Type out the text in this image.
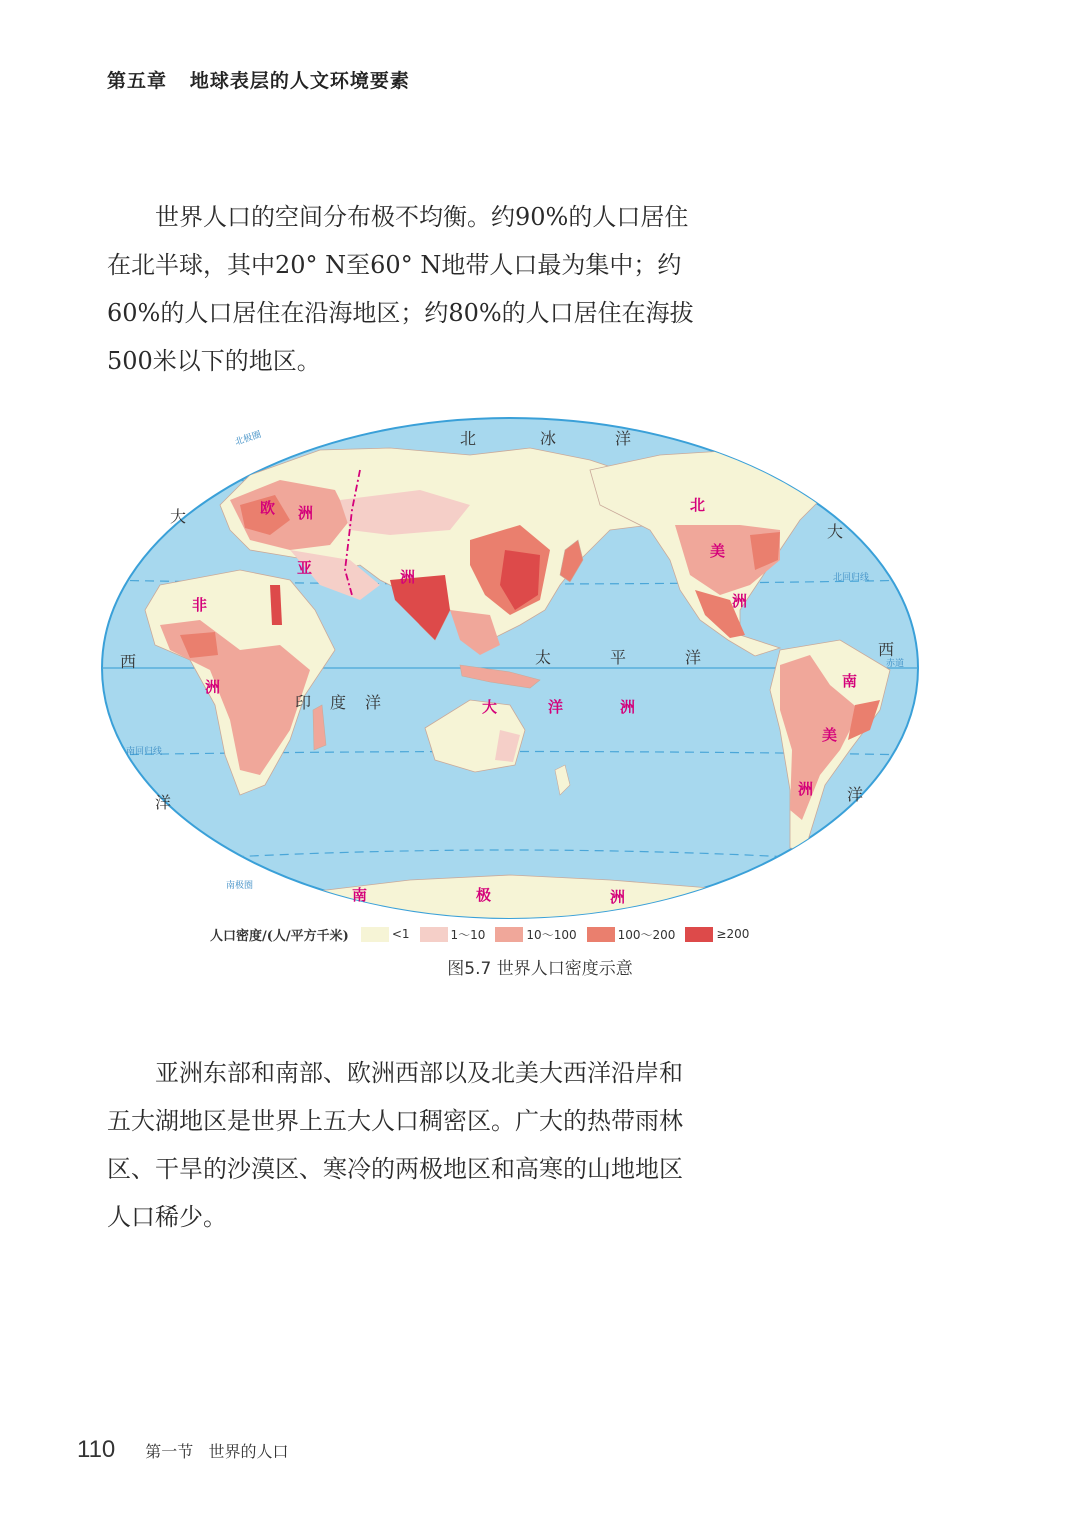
第五章 地球表层的人文环境要素

世界人口的空间分布极不均衡。约90%的人口居住在北半球，其中20° N至60° N地带人口最为集中；约60%的人口居住在沿海地区；约80%的人口居住在海拔500米以下的地区。

北	冰	洋
太	平	洋
印 度 洋
大
西
洋
大
西
洋
欧 洲
亚	洲
非
洲
北
美
洲
南
美
洲
大	洋	洲
南	极	洲
北极圈
北回归线
赤道
南回归线
南极圈
人口密度/(人/平方千米)	<1	1～10	10～100	100～200	≥200
图5.7 世界人口密度示意

亚洲东部和南部、欧洲西部以及北美大西洋沿岸和五大湖地区是世界上五大人口稠密区。广大的热带雨林区、干旱的沙漠区、寒冷的两极地区和高寒的山地地区人口稀少。

110 第一节   世界的人口
